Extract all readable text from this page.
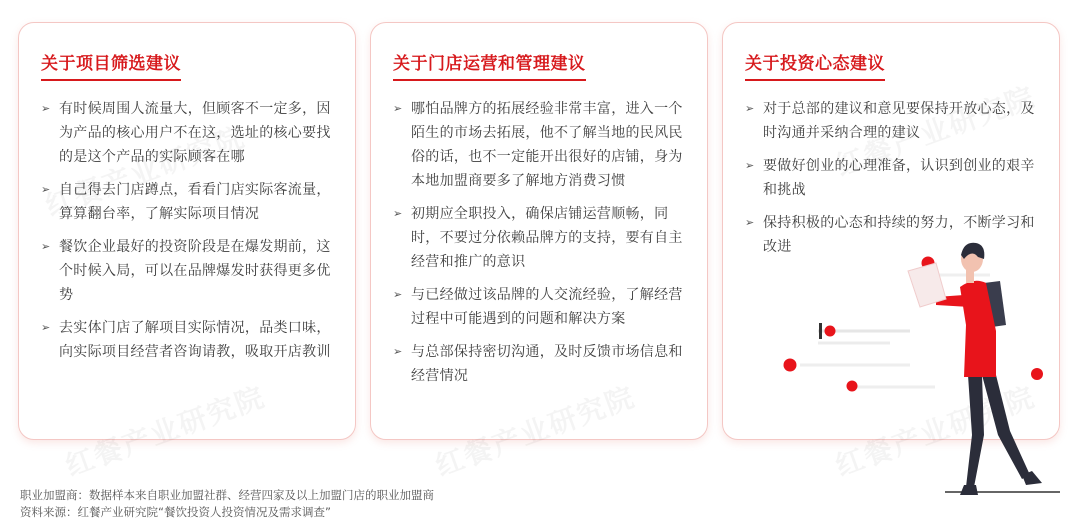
关于项目筛选建议
➢ 有时候周围人流量大，但顾客不一定多，因为产品的核心用户不在这，选址的核心要找的是这个产品的实际顾客在哪
➢ 自己得去门店蹲点，看看门店实际客流量，算算翻台率，了解实际项目情况
➢ 餐饮企业最好的投资阶段是在爆发期前，这个时候入局，可以在品牌爆发时获得更多优势
➢ 去实体门店了解项目实际情况，品类口味，向实际项目经营者咨询请教，吸取开店教训
关于门店运营和管理建议
➢ 哪怕品牌方的拓展经验非常丰富，进入一个陌生的市场去拓展，他不了解当地的民风民俗的话，也不一定能开出很好的店铺，身为本地加盟商要多了解地方消费习惯
➢ 初期应全职投入，确保店铺运营顺畅，同时，不要过分依赖品牌方的支持，要有自主经营和推广的意识
➢ 与已经做过该品牌的人交流经验，了解经营过程中可能遇到的问题和解决方案
➢ 与总部保持密切沟通，及时反馈市场信息和经营情况
关于投资心态建议
➢ 对于总部的建议和意见要保持开放心态，及时沟通并采纳合理的建议
➢ 要做好创业的心理准备，认识到创业的艰辛和挑战
➢ 保持积极的心态和持续的努力，不断学习和改进
职业加盟商：数据样本来自职业加盟社群、经营四家及以上加盟门店的职业加盟商
资料来源：红餐产业研究院“餐饮投资人投资情况及需求调查”
